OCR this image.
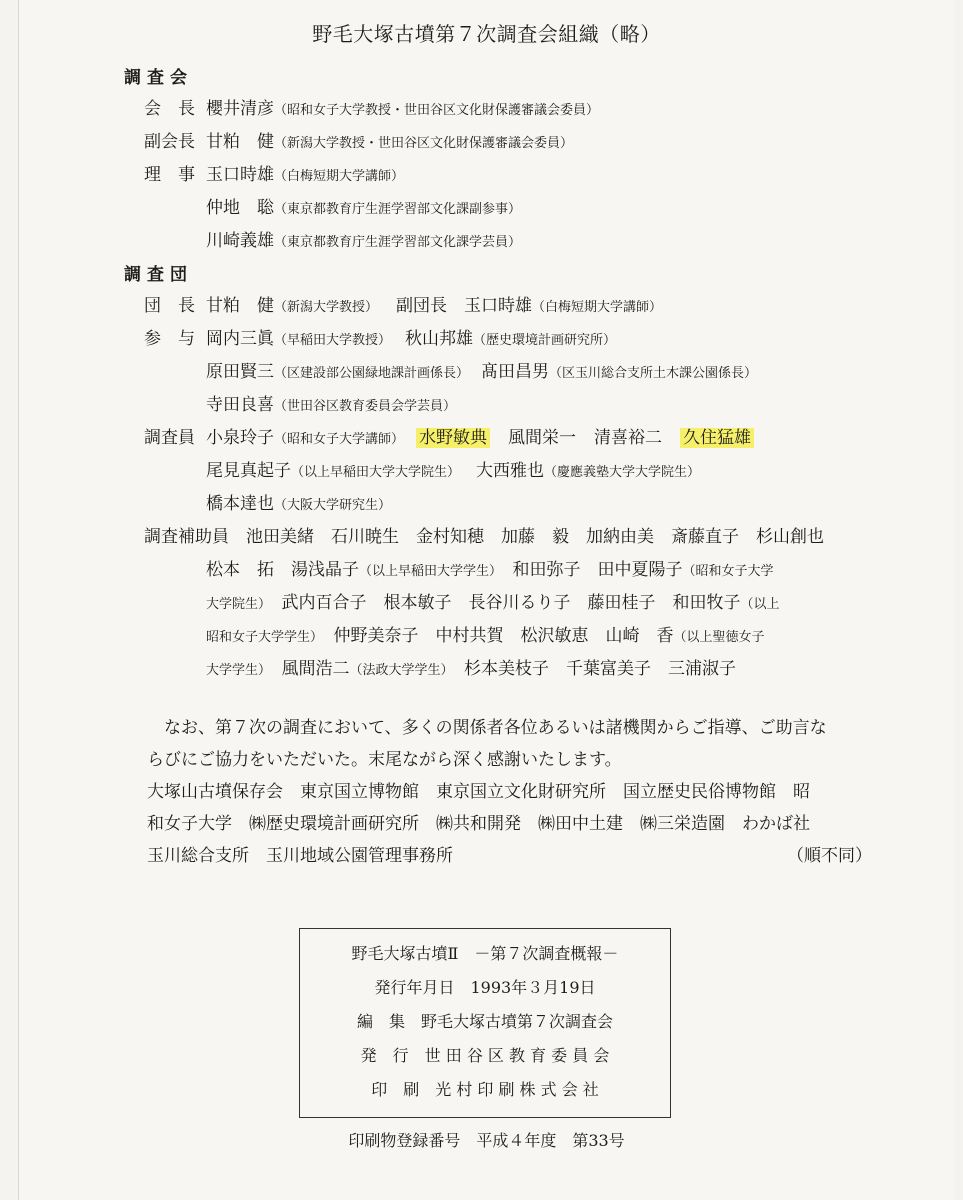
野毛大塚古墳第７次調査会組織（略）
調査会
会　長 櫻井清彦（昭和女子大学教授・世田谷区文化財保護審議会委員）
副会長 甘粕　健（新潟大学教授・世田谷区文化財保護審議会委員）
理　事 玉口時雄（白梅短期大学講師）
仲地　聡（東京都教育庁生涯学習部文化課副参事）
川崎義雄（東京都教育庁生涯学習部文化課学芸員）
調査団
団　長 甘粕　健（新潟大学教授） 副団長　 玉口時雄（白梅短期大学講師）
参　与 岡内三眞（早稲田大学教授） 秋山邦雄（歴史環境計画研究所）
原田賢三（区建設部公園緑地課計画係長） 髙田昌男（区玉川総合支所土木課公園係長）
寺田良喜（世田谷区教育委員会学芸員）
調査員 小泉玲子（昭和女子大学講師） 水野敏典 風間栄一 清喜裕二 久住猛雄
尾見真起子（以上早稲田大学大学院生） 大西雅也（慶應義塾大学大学院生）
橋本達也（大阪大学研究生）
調査補助員　 池田美緒　石川暁生　金村知穂　加藤　毅　加納由美　斎藤直子　杉山創也
松本　拓　湯浅晶子（以上早稲田大学学生）　 和田弥子　田中夏陽子（昭和女子大学
大学院生）　 武内百合子　根本敏子　長谷川るり子　藤田桂子　和田牧子（以上
昭和女子大学学生）　 仲野美奈子　中村共賀　松沢敏恵　山崎　香（以上聖徳女子
大学学生）　 風間浩二（法政大学学生）　 杉本美枝子　千葉富美子　三浦淑子
なお、第７次の調査において、多くの関係者各位あるいは諸機関からご指導、ご助言な
らびにご協力をいただいた。末尾ながら深く感謝いたします。
大塚山古墳保存会　東京国立博物館　東京国立文化財研究所　国立歴史民俗博物館　昭
和女子大学　㈱歴史環境計画研究所　㈱共和開発　㈱田中土建　㈱三栄造園　わかば社
玉川総合支所　玉川地域公園管理事務所	（順不同）
野毛大塚古墳Ⅱ　－第７次調査概報－
発行年月日　1993年３月19日
編　集　野毛大塚古墳第７次調査会
発　行　世 田 谷 区 教 育 委 員 会
印　刷　光 村 印 刷 株 式 会 社
印刷物登録番号　平成４年度　第33号
